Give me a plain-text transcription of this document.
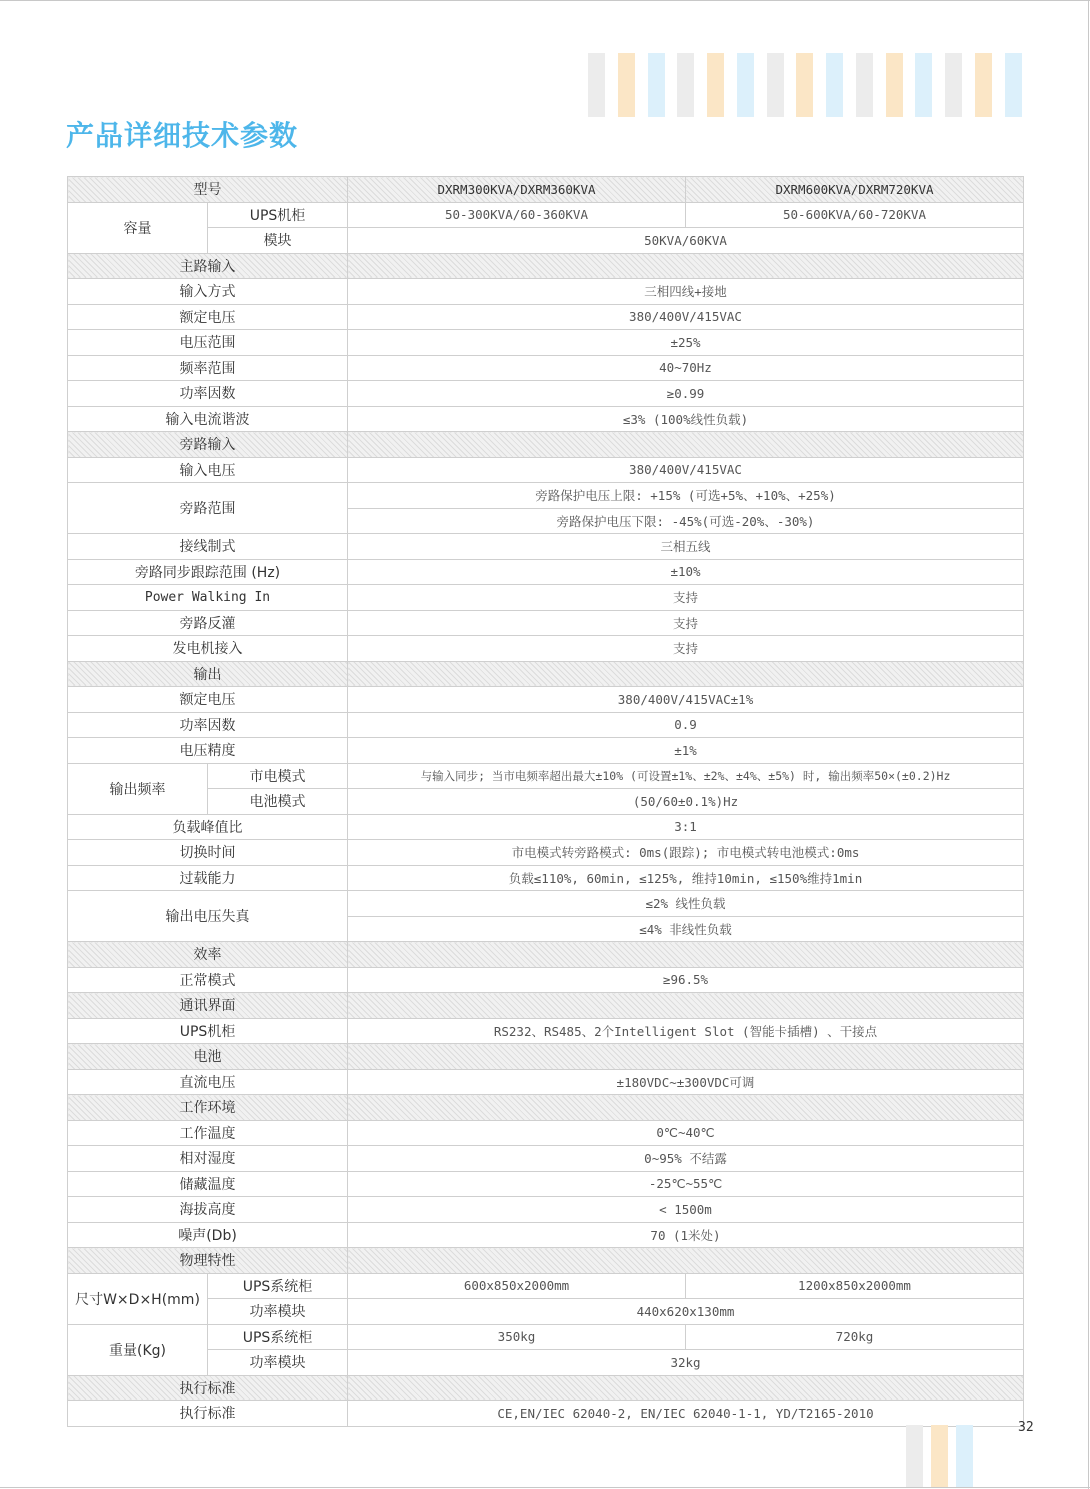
产品详细技术参数
型号		DXRM300KVA/DXRM360KVA	DXRM600KVA/DXRM720KVA
容量	UPS机柜	50-300KVA/60-360KVA	50-600KVA/60-720KVA
	模块	50KVA/60KVA	
主路输入			
输入方式		三相四线+接地	
额定电压		380/400V/415VAC	
电压范围		±25%	
频率范围		40~70Hz	
功率因数		≥0.99	
输入电流谐波		≤3% (100%线性负载)	
旁路输入			
输入电压		380/400V/415VAC	
旁路范围		旁路保护电压上限: +15% (可选+5%、+10%、+25%)	
		旁路保护电压下限: -45%(可选-20%、-30%)	
接线制式		三相五线	
旁路同步跟踪范围 (Hz)		±10%	
Power Walking In		支持	
旁路反灌		支持	
发电机接入		支持	
输出			
额定电压		380/400V/415VAC±1%	
功率因数		0.9	
电压精度		±1%	
输出频率	市电模式	与输入同步; 当市电频率超出最大±10% (可设置±1%、±2%、±4%、±5%) 时, 输出频率50×(±0.2)Hz	
	电池模式	(50/60±0.1%)Hz	
负载峰值比		3:1	
切换时间		市电模式转旁路模式: 0ms(跟踪); 市电模式转电池模式:0ms	
过载能力		负载≤110%, 60min, ≤125%, 维持10min, ≤150%维持1min	
输出电压失真		≤2% 线性负载	
		≤4% 非线性负载	
效率			
正常模式		≥96.5%	
通讯界面			
UPS机柜		RS232、RS485、2个Intelligent Slot (智能卡插槽) 、干接点	
电池			
直流电压		±180VDC~±300VDC可调	
工作环境			
工作温度		0℃~40℃	
相对湿度		0~95% 不结露	
储藏温度		-25℃~55℃	
海拔高度		< 1500m	
噪声(Db)		70 (1米处)	
物理特性			
尺寸W×D×H(mm)	UPS系统柜	600x850x2000mm	1200x850x2000mm
	功率模块	440x620x130mm	
重量(Kg)	UPS系统柜	350kg	720kg
	功率模块	32kg	
执行标准			
执行标准		CE,EN/IEC 62040-2, EN/IEC 62040-1-1, YD/T2165-2010	
32
